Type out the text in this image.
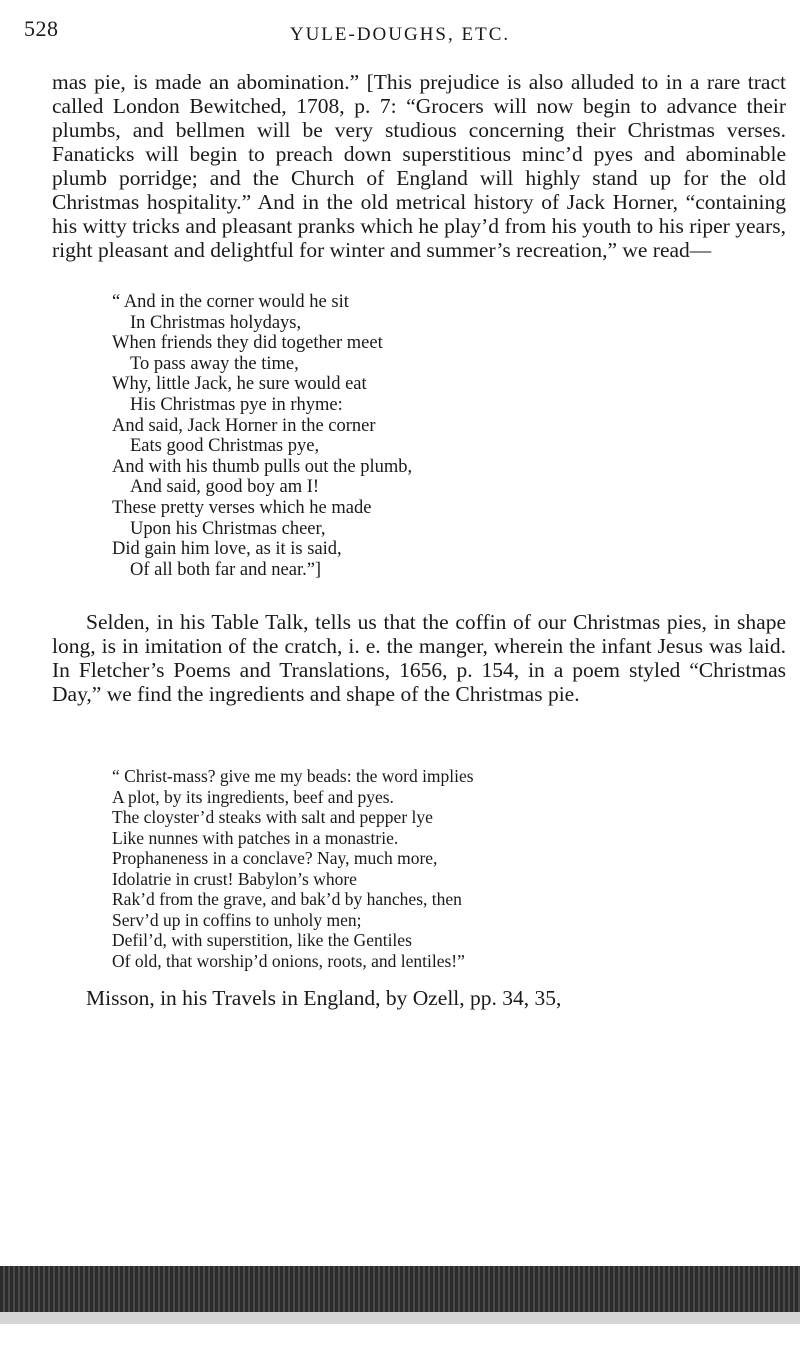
528	YULE-DOUGHS, ETC.

mas pie, is made an abomination.” [This prejudice is also alluded to in a rare tract called London Bewitched, 1708, p. 7: “Grocers will now begin to advance their plumbs, and bellmen will be very studious concerning their Christmas verses. Fanaticks will begin to preach down superstitious minc’d pyes and abominable plumb porridge; and the Church of England will highly stand up for the old Christmas hospitality.” And in the old metrical history of Jack Horner, “containing his witty tricks and pleasant pranks which he play’d from his youth to his riper years, right pleasant and delightful for winter and summer’s recreation,” we read—

“ And in the corner would he sit
In Christmas holydays,
When friends they did together meet
To pass away the time,
Why, little Jack, he sure would eat
His Christmas pye in rhyme:
And said, Jack Horner in the corner
Eats good Christmas pye,
And with his thumb pulls out the plumb,
And said, good boy am I!
These pretty verses which he made
Upon his Christmas cheer,
Did gain him love, as it is said,
Of all both far and near.”]

Selden, in his Table Talk, tells us that the coffin of our Christmas pies, in shape long, is in imitation of the cratch, i. e. the manger, wherein the infant Jesus was laid. In Fletcher’s Poems and Translations, 1656, p. 154, in a poem styled “Christmas Day,” we find the ingredients and shape of the Christmas pie.

“ Christ-mass? give me my beads: the word implies
A plot, by its ingredients, beef and pyes.
The cloyster’d steaks with salt and pepper lye
Like nunnes with patches in a monastrie.
Prophaneness in a conclave? Nay, much more,
Idolatrie in crust! Babylon’s whore
Rak’d from the grave, and bak’d by hanches, then
Serv’d up in coffins to unholy men;
Defil’d, with superstition, like the Gentiles
Of old, that worship’d onions, roots, and lentiles!”

Misson, in his Travels in England, by Ozell, pp. 34, 35,
